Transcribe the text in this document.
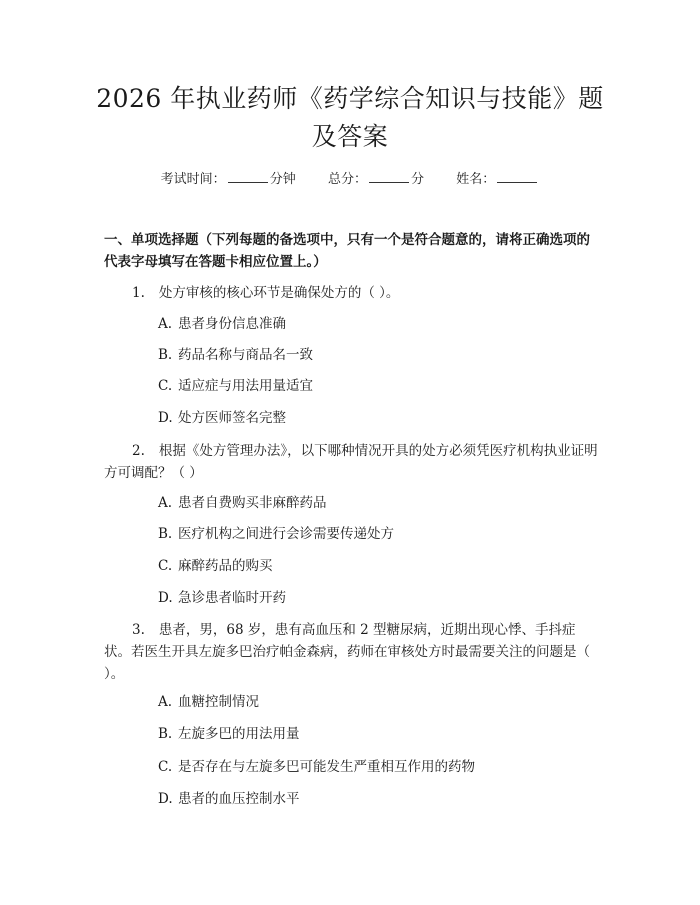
2026 年执业药师《药学综合知识与技能》题
及答案
考试时间：	分钟 总分：	分 姓名：
一、单项选择题（下列每题的备选项中，只有一个是符合题意的，请将正确选项的代表字母填写在答题卡相应位置上。）
1. 处方审核的核心环节是确保处方的（ ）。
A. 患者身份信息准确
B. 药品名称与商品名一致
C. 适应症与用法用量适宜
D. 处方医师签名完整
2. 根据《处方管理办法》，以下哪种情况开具的处方必须凭医疗机构执业证明方可调配？（ ）
A. 患者自费购买非麻醉药品
B. 医疗机构之间进行会诊需要传递处方
C. 麻醉药品的购买
D. 急诊患者临时开药
3. 患者，男，68 岁，患有高血压和 2 型糖尿病，近期出现心悸、手抖症状。若医生开具左旋多巴治疗帕金森病，药师在审核处方时最需要关注的问题是（ ）。
A. 血糖控制情况
B. 左旋多巴的用法用量
C. 是否存在与左旋多巴可能发生严重相互作用的药物
D. 患者的血压控制水平
